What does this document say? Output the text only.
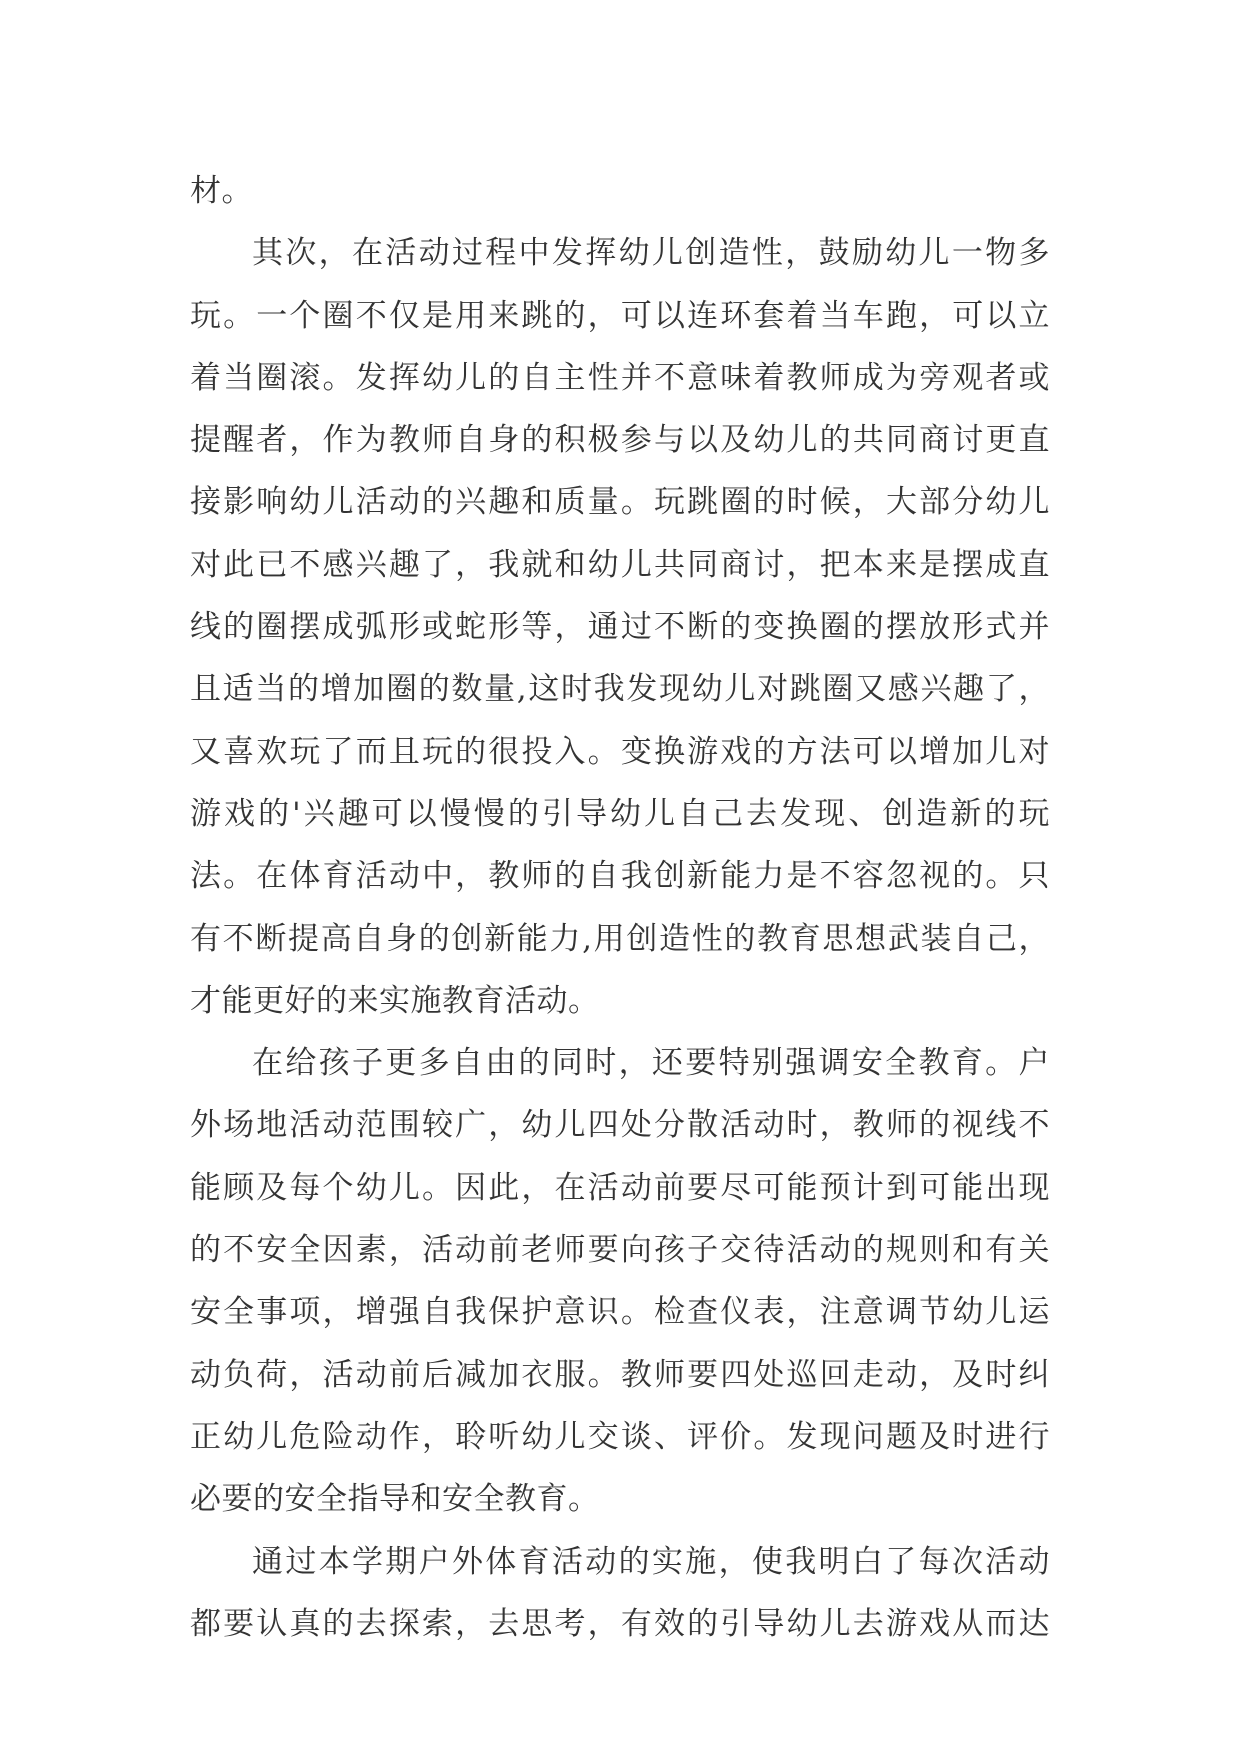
材。

其次，在活动过程中发挥幼儿创造性，鼓励幼儿一物多
玩。一个圈不仅是用来跳的，可以连环套着当车跑，可以立
着当圈滚。发挥幼儿的自主性并不意味着教师成为旁观者或
提醒者，作为教师自身的积极参与以及幼儿的共同商讨更直
接影响幼儿活动的兴趣和质量。玩跳圈的时候，大部分幼儿
对此已不感兴趣了，我就和幼儿共同商讨，把本来是摆成直
线的圈摆成弧形或蛇形等，通过不断的变换圈的摆放形式并
且适当的增加圈的数量,这时我发现幼儿对跳圈又感兴趣了，
又喜欢玩了而且玩的很投入。变换游戏的方法可以增加儿对
游戏的'兴趣可以慢慢的引导幼儿自己去发现、创造新的玩
法。在体育活动中，教师的自我创新能力是不容忽视的。只
有不断提高自身的创新能力,用创造性的教育思想武装自己，
才能更好的来实施教育活动。

在给孩子更多自由的同时，还要特别强调安全教育。户
外场地活动范围较广，幼儿四处分散活动时，教师的视线不
能顾及每个幼儿。因此，在活动前要尽可能预计到可能出现
的不安全因素，活动前老师要向孩子交待活动的规则和有关
安全事项，增强自我保护意识。检查仪表，注意调节幼儿运
动负荷，活动前后减加衣服。教师要四处巡回走动，及时纠
正幼儿危险动作，聆听幼儿交谈、评价。发现问题及时进行
必要的安全指导和安全教育。

通过本学期户外体育活动的实施，使我明白了每次活动
都要认真的去探索，去思考，有效的引导幼儿去游戏从而达
